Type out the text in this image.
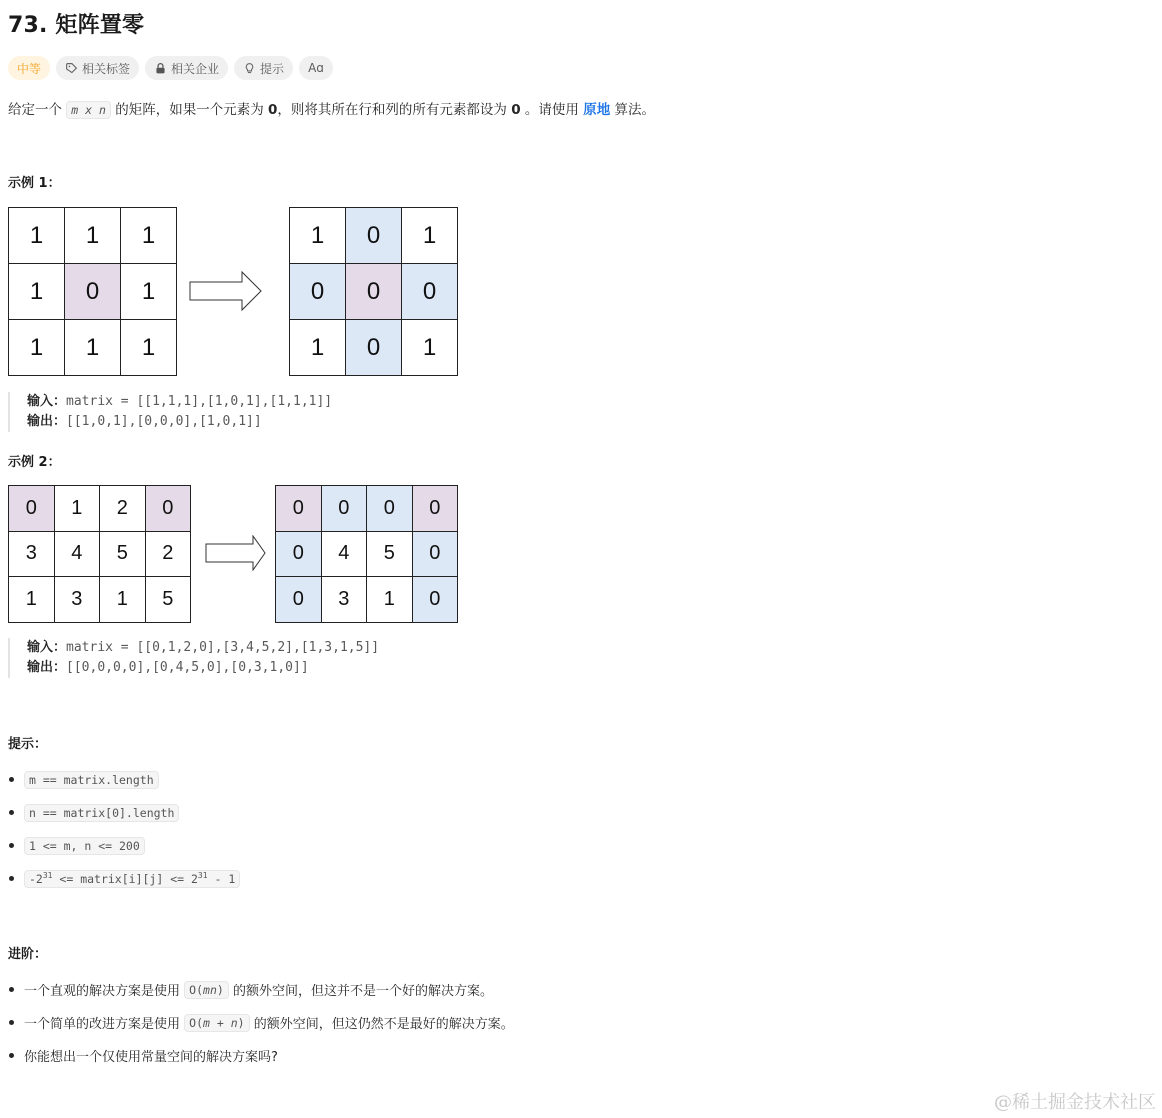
73. 矩阵置零
中等	相关标签	相关企业	提示 Aɑ
给定一个 m x n 的矩阵，如果一个元素为 0，则将其所在行和列的所有元素都设为 0 。请使用 原地 算法。
示例 1：
1	1	1
1	0	1
1	1	1
1	0	1
0	0	0
1	0	1
输入：matrix = [[1,1,1],[1,0,1],[1,1,1]]
输出：[[1,0,1],[0,0,0],[1,0,1]]
示例 2：
0	1	2	0
3	4	5	2
1	3	1	5
0	0	0	0
0	4	5	0
0	3	1	0
输入：matrix = [[0,1,2,0],[3,4,5,2],[1,3,1,5]]
输出：[[0,0,0,0],[0,4,5,0],[0,3,1,0]]
提示：
m == matrix.length
n == matrix[0].length
1 <= m, n <= 200
$-2^{31}$ <= matrix[i][j] <= $2^{31} - 1$
进阶：
一个直观的解决方案是使用
O(mn)
的额外空间，但这并不是一个好的解决方案。
一个简单的改进方案是使用
O(m + n)
的额外空间，但这仍然不是最好的解决方案。
你能想出一个仅使用常量空间的解决方案吗?
@稀土掘金技术社区
